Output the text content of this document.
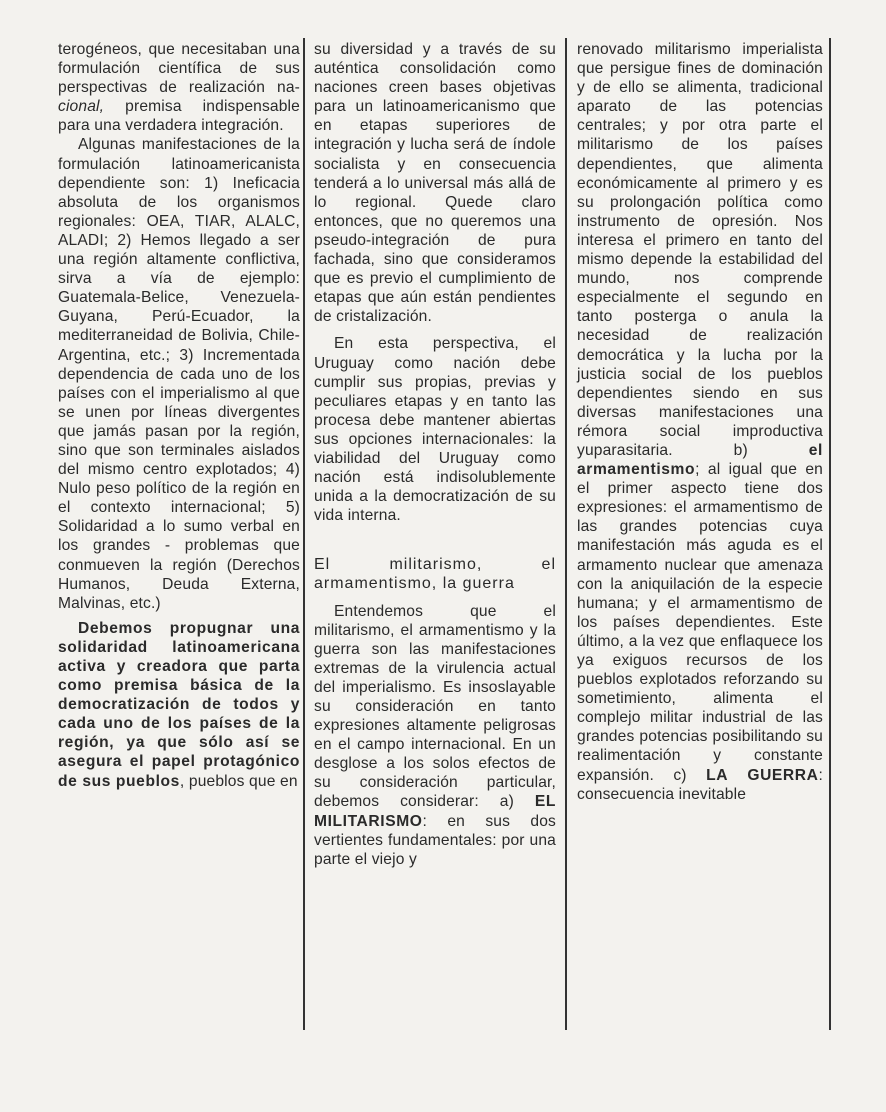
terogéneos, que necesitaban una formulación científica de sus perspectivas de realización na-cional, premisa indispensable para una verdadera integración.

Algunas manifestaciones de la formulación latinoamericanista dependiente son: 1) Ineficacia absoluta de los organismos regionales: OEA, TIAR, ALALC, ALADI; 2) Hemos llegado a ser una región altamente conflictiva, sirva a vía de ejemplo: Guatemala-Belice, Venezuela-Guyana, Perú-Ecuador, la mediterraneidad de Bolivia, Chile-Argentina, etc.; 3) Incrementada dependencia de cada uno de los países con el imperialismo al que se unen por líneas divergentes que jamás pasan por la región, sino que son terminales aislados del mismo centro explotados; 4) Nulo peso político de la región en el contexto internacional; 5) Solidaridad a lo sumo verbal en los grandes - problemas que conmueven la región (Derechos Humanos, Deuda Externa, Malvinas, etc.)

Debemos propugnar una solidaridad latinoamericana activa y creadora que parta como premisa básica de la democratización de todos y cada uno de los países de la región, ya que sólo así se asegura el papel protagónico de sus pueblos, pueblos que en

su diversidad y a través de su auténtica consolidación como naciones creen bases objetivas para un latinoamericanismo que en etapas superiores de integración y lucha será de índole socialista y en consecuencia tenderá a lo universal más allá de lo regional. Quede claro entonces, que no queremos una pseudo-integración de pura fachada, sino que consideramos que es previo el cumplimiento de etapas que aún están pendientes de cristalización.

En esta perspectiva, el Uruguay como nación debe cumplir sus propias, previas y peculiares etapas y en tanto las procesa debe mantener abiertas sus opciones internacionales: la viabilidad del Uruguay como nación está indisolublemente unida a la democratización de su vida interna.

El militarismo, el armamentismo, la guerra

Entendemos que el militarismo, el armamentismo y la guerra son las manifestaciones extremas de la virulencia actual del imperialismo. Es insoslayable su consideración en tanto expresiones altamente peligrosas en el campo internacional. En un desglose a los solos efectos de su consideración particular, debemos considerar: a) EL MILITARISMO: en sus dos vertientes fundamentales: por una parte el viejo y

renovado militarismo imperialista que persigue fines de dominación y de ello se alimenta, tradicional aparato de las potencias centrales; y por otra parte el militarismo de los países dependientes, que alimenta económicamente al primero y es su prolongación política como instrumento de opresión. Nos interesa el primero en tanto del mismo depende la estabilidad del mundo, nos comprende especialmente el segundo en tanto posterga o anula la necesidad de realización democrática y la lucha por la justicia social de los pueblos dependientes siendo en sus diversas manifestaciones una rémora social improductiva yuparasitaria. b) el armamentismo; al igual que en el primer aspecto tiene dos expresiones: el armamentismo de las grandes potencias cuya manifestación más aguda es el armamento nuclear que amenaza con la aniquilación de la especie humana; y el armamentismo de los países dependientes. Este último, a la vez que enflaquece los ya exiguos recursos de los pueblos explotados reforzando su sometimiento, alimenta el complejo militar industrial de las grandes potencias posibilitando su realimentación y constante expansión. c) LA GUERRA: consecuencia inevitable
